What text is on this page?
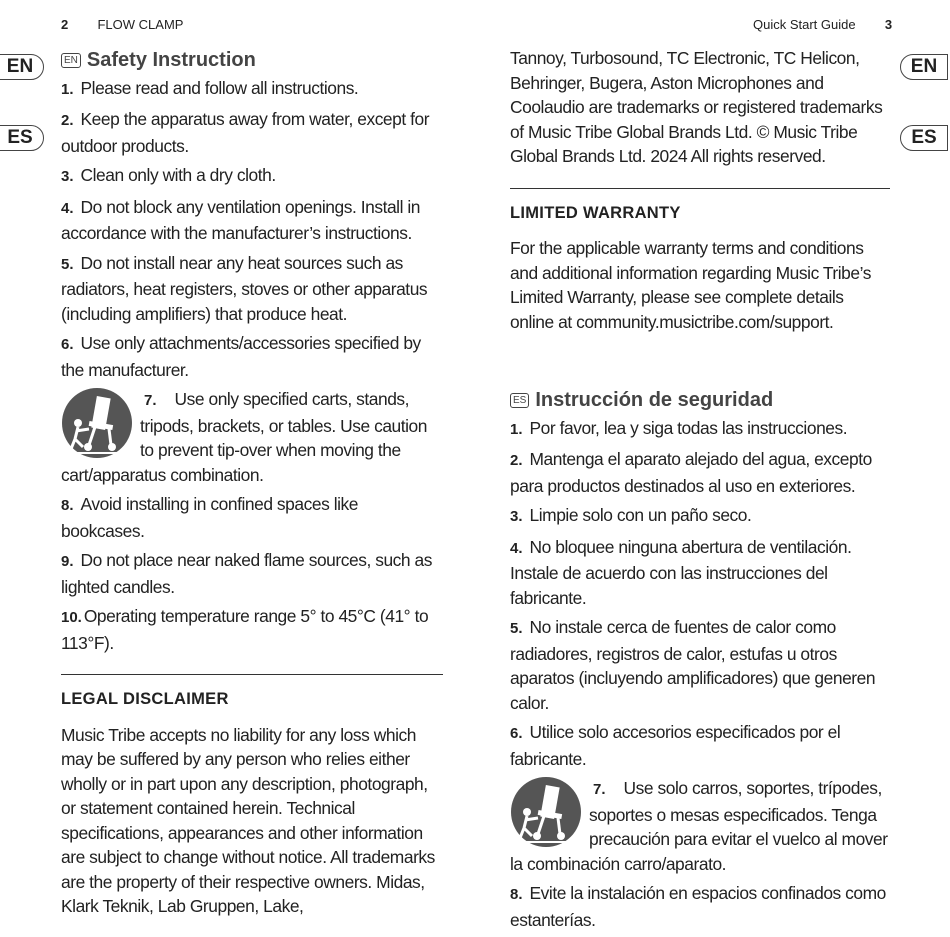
2 FLOW CLAMP	Quick Start Guide 3
EN
ES
EN
ES
EN Safety Instruction
1. Please read and follow all instructions.
2. Keep the apparatus away from water, except for outdoor products.
3. Clean only with a dry cloth.
4. Do not block any ventilation openings. Install in accordance with the manufacturer’s instructions.
5. Do not install near any heat sources such as radiators, heat registers, stoves or other apparatus (including amplifiers) that produce heat.
6. Use only attachments/accessories specified by the manufacturer.
7. Use only specified carts, stands, tripods, brackets, or tables. Use caution to prevent tip-over when moving the cart/apparatus combination.
8. Avoid installing in confined spaces like bookcases.
9. Do not place near naked flame sources, such as lighted candles.
10. Operating temperature range 5° to 45°C (41° to 113°F).
LEGAL DISCLAIMER

Music Tribe accepts no liability for any loss which may be suffered by any person who relies either wholly or in part upon any description, photograph, or statement contained herein. Technical specifications, appearances and other information are subject to change without notice. All trademarks are the property of their respective owners. Midas, Klark Teknik, Lab Gruppen, Lake,

Tannoy, Turbosound, TC Electronic, TC Helicon, Behringer, Bugera, Aston Microphones and Coolaudio are trademarks or registered trademarks of Music Tribe Global Brands Ltd. © Music Tribe Global Brands Ltd. 2024 All rights reserved.

LIMITED WARRANTY

For the applicable warranty terms and conditions and additional information regarding Music Tribe’s Limited Warranty, please see complete details online at community.musictribe.com/support.

ES Instrucción de seguridad
1. Por favor, lea y siga todas las instrucciones.
2. Mantenga el aparato alejado del agua, excepto para productos destinados al uso en exteriores.
3. Limpie solo con un paño seco.
4. No bloquee ninguna abertura de ventilación. Instale de acuerdo con las instrucciones del fabricante.
5. No instale cerca de fuentes de calor como radiadores, registros de calor, estufas u otros aparatos (incluyendo amplificadores) que generen calor.
6. Utilice solo accesorios especificados por el fabricante.
7. Use solo carros, soportes, trípodes, soportes o mesas especificados. Tenga precaución para evitar el vuelco al mover la combinación carro/aparato.
8. Evite la instalación en espacios confinados como estanterías.
